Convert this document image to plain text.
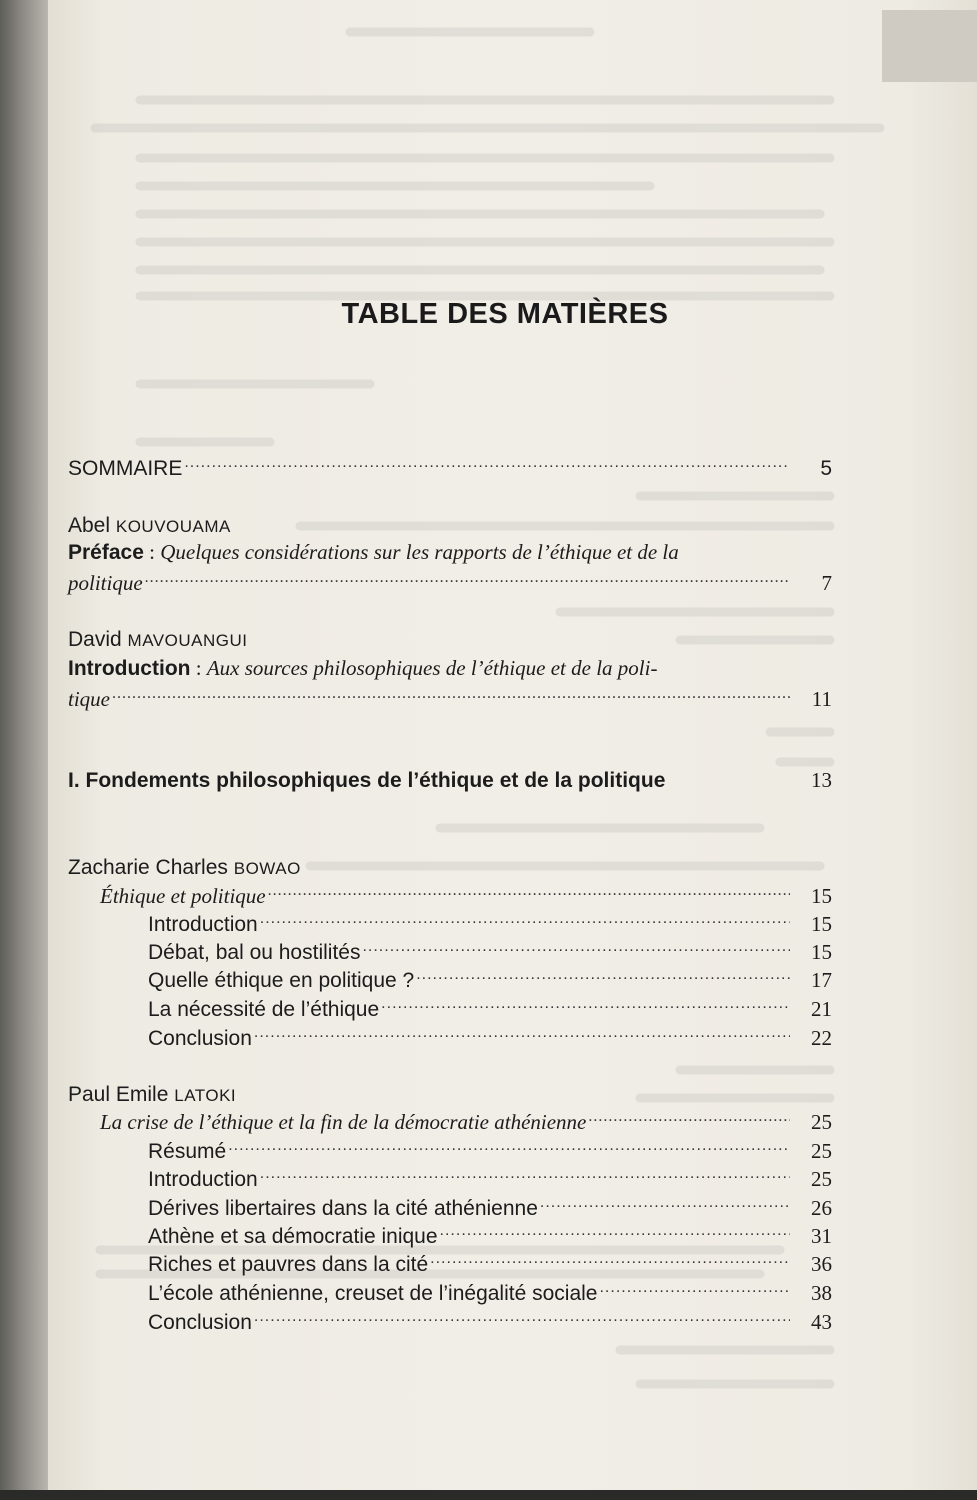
TABLE DES MATIÈRES
SOMMAIRE .....	5
Abel KOUVOUAMA
Préface : Quelques considérations sur les rapports de l’éthique et de la
politique .....	7
David MAVOUANGUI
Introduction : Aux sources philosophiques de l’éthique et de la poli-
tique .....	11
I. Fondements philosophiques de l’éthique et de la politique	13
Zacharie Charles BOWAO
Éthique et politique .....	15
Introduction .....	15
Débat, bal ou hostilités .....	15
Quelle éthique en politique ? .....	17
La nécessité de l’éthique .....	21
Conclusion .....	22
Paul Emile LATOKI
La crise de l’éthique et la fin de la démocratie athénienne .....	25
Résumé .....	25
Introduction .....	25
Dérives libertaires dans la cité athénienne .....	26
Athène et sa démocratie inique .....	31
Riches et pauvres dans la cité .....	36
L’école athénienne, creuset de l’inégalité sociale .....	38
Conclusion .....	43
